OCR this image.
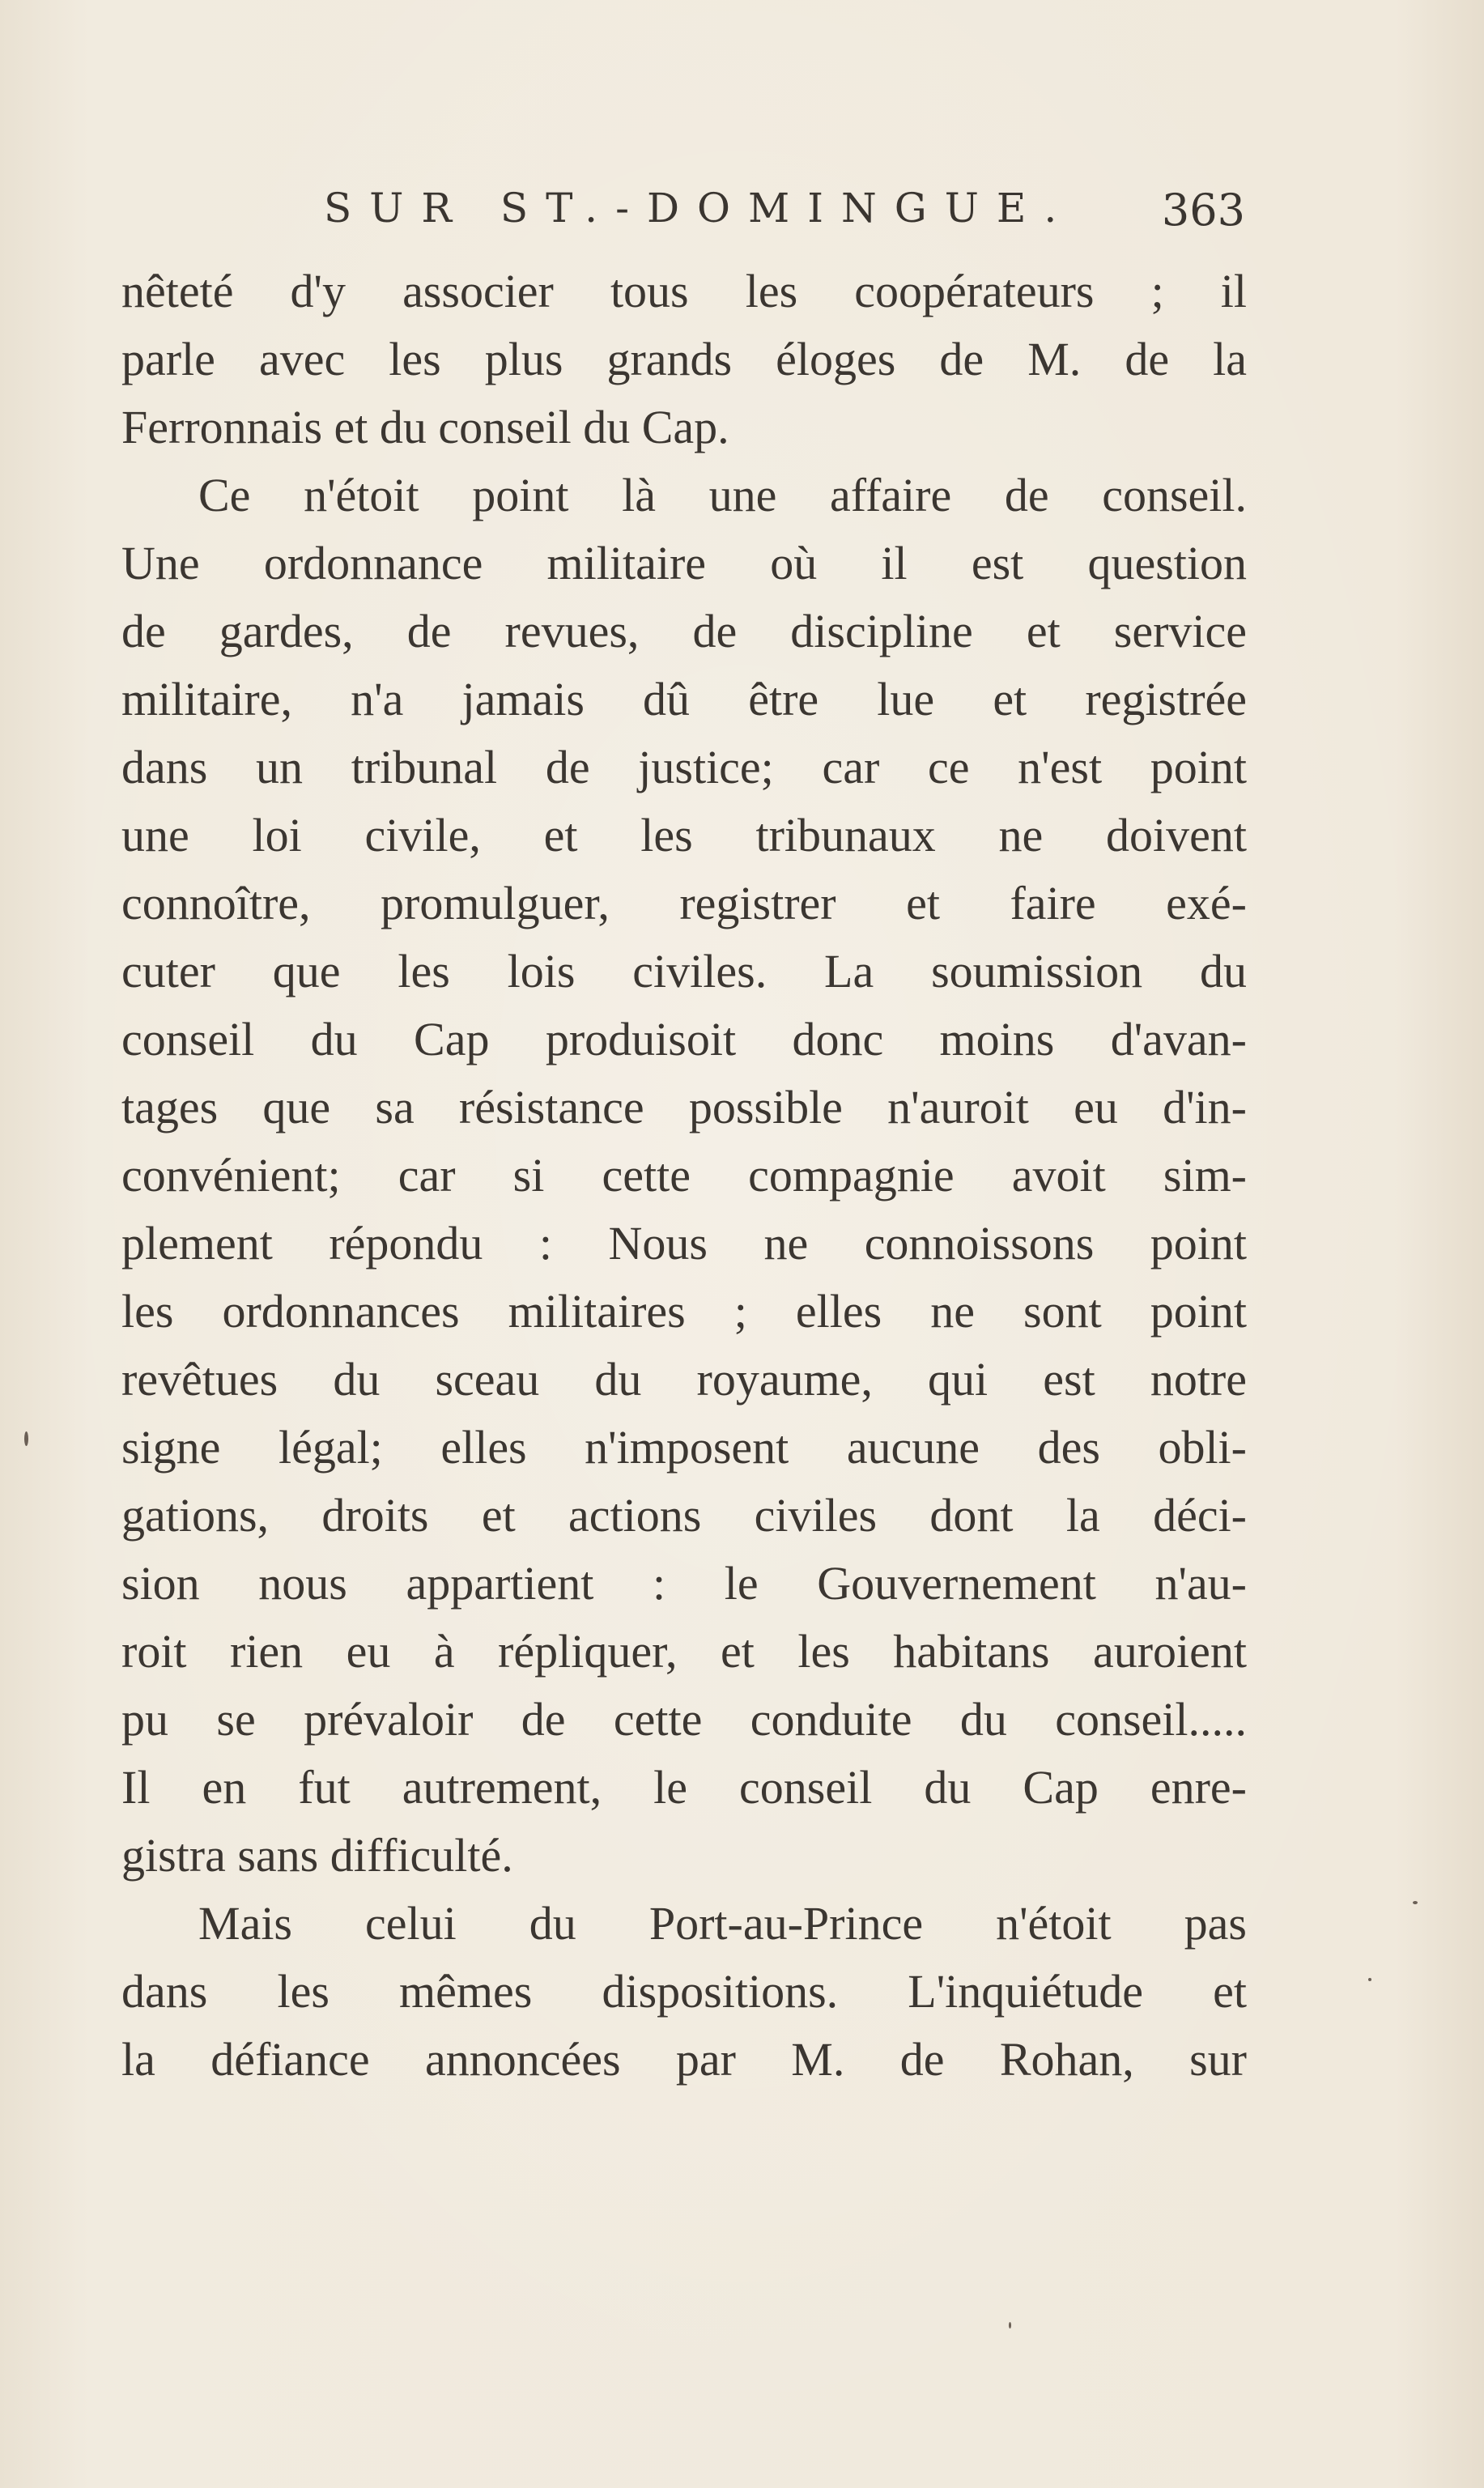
SUR ST.-DOMINGUE. 363
nêteté d'y associer tous les coopérateurs ; il
parle avec les plus grands éloges de M. de la
Ferronnais et du conseil du Cap.
Ce n'étoit point là une affaire de conseil.
Une ordonnance militaire où il est question
de gardes, de revues, de discipline et service
militaire, n'a jamais dû être lue et registrée
dans un tribunal de justice; car ce n'est point
une loi civile, et les tribunaux ne doivent
connoître, promulguer, registrer et faire exé-
cuter que les lois civiles. La soumission du
conseil du Cap produisoit donc moins d'avan-
tages que sa résistance possible n'auroit eu d'in-
convénient; car si cette compagnie avoit sim-
plement répondu : Nous ne connoissons point
les ordonnances militaires ; elles ne sont point
revêtues du sceau du royaume, qui est notre
signe légal; elles n'imposent aucune des obli-
gations, droits et actions civiles dont la déci-
sion nous appartient : le Gouvernement n'au-
roit rien eu à répliquer, et les habitans auroient
pu se prévaloir de cette conduite du conseil.....
Il en fut autrement, le conseil du Cap enre-
gistra sans difficulté.
Mais celui du Port-au-Prince n'étoit pas
dans les mêmes dispositions. L'inquiétude et
la défiance annoncées par M. de Rohan, sur
